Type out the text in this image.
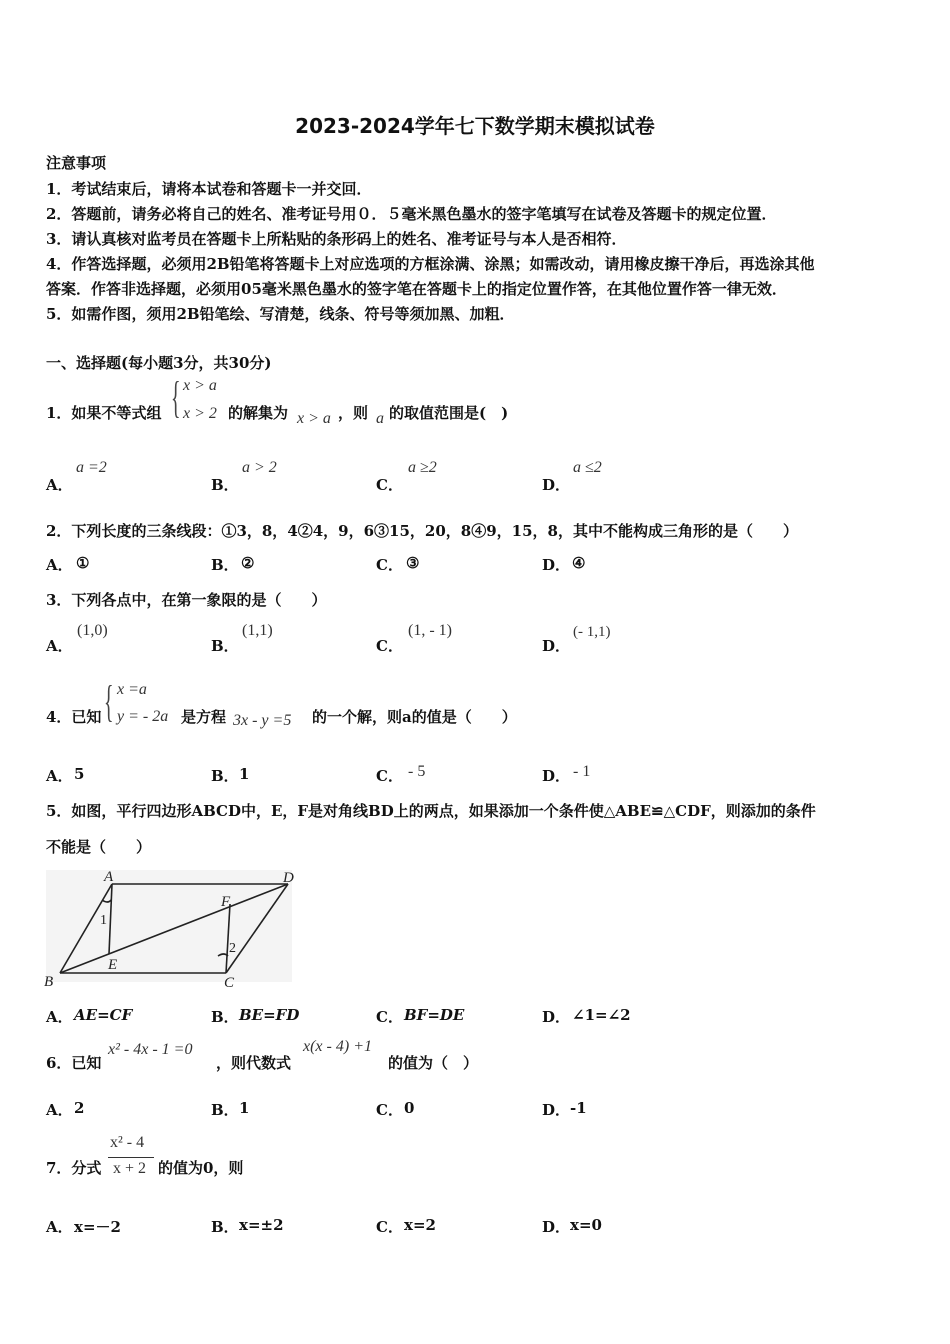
2023-2024学年七下数学期末模拟试卷
注意事项
1．考试结束后，请将本试卷和答题卡一并交回．
2．答题前，请务必将自己的姓名、准考证号用０．５毫米黑色墨水的签字笔填写在试卷及答题卡的规定位置．
3．请认真核对监考员在答题卡上所粘贴的条形码上的姓名、准考证号与本人是否相符．
4．作答选择题，必须用2B铅笔将答题卡上对应选项的方框涂满、涂黑；如需改动，请用橡皮擦干净后，再选涂其他
答案．作答非选择题，必须用05毫米黑色墨水的签字笔在答题卡上的指定位置作答，在其他位置作答一律无效．
5．如需作图，须用2B铅笔绘、写清楚，线条、符号等须加黑、加粗．
一、选择题(每小题3分，共30分)
1．如果不等式组 { x > a
x > 2 的解集为 x > a ，则 a 的取值范围是(　)
A．
a =2
B．
a > 2
C．
a ≥2
D．
a ≤2
2．下列长度的三条线段：①3，8，4②4，9，6③15，20，8④9，15，8，其中不能构成三角形的是（　　）
A． ①	B． ②	C． ③	D． ④
3．下列各点中，在第一象限的是（　　）
A．
(1,0)
B．
(1,1)
C．
(1, - 1)
D．
(- 1,1)
4．已知 { x =a
y = - 2a 是方程 3x - y =5 的一个解，则a的值是（　　）
A． 5	B． 1	C． - 5	D． - 1
5．如图，平行四边形ABCD中，E，F是对角线BD上的两点，如果添加一个条件使△ABE≌△CDF，则添加的条件
不能是（　　）
A	D
B	C
E
F
1
2
A． AE=CF	B． BE=FD	C． BF=DE	D． ∠1=∠2
6．已知
x² - 4x - 1 =0
，则代数式
x(x - 4) +1
的值为（　）
A． 2	B． 1	C． 0	D． -1
7．分式
x² - 4
x + 2 的值为0，则
A． x=－2	B． x=±2	C． x=2	D． x=0
